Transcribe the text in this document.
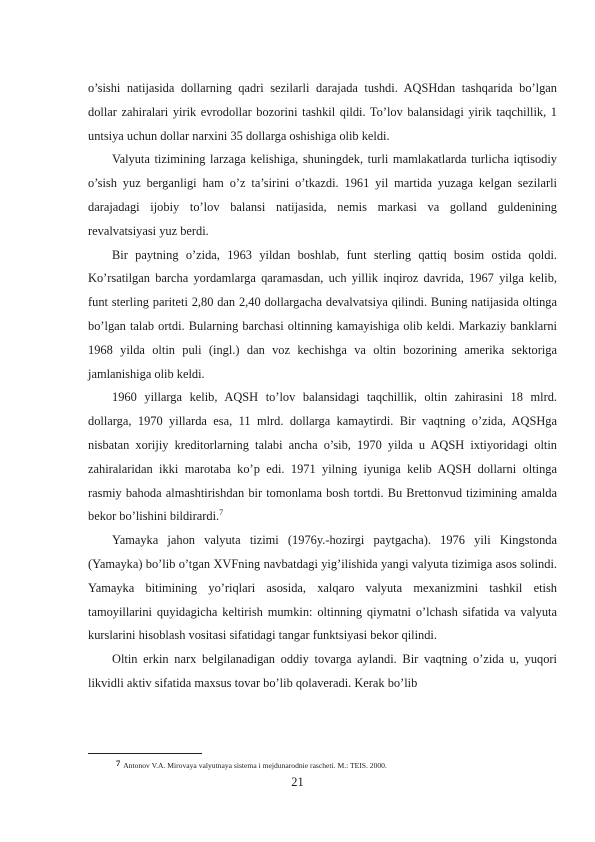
o’sishi natijasida dollarning qadri sezilarli darajada tushdi. AQSHdan tashqarida bo’lgan dollar zahiralari yirik evrodollar bozorini tashkil qildi. To’lov balansidagi yirik taqchillik, 1 untsiya uchun dollar narxini 35 dollarga oshishiga olib keldi.

Valyuta tizimining larzaga kelishiga, shuningdek, turli mamlakatlarda turlicha iqtisodiy o’sish yuz berganligi ham o’z ta’sirini o’tkazdi. 1961 yil martida yuzaga kelgan sezilarli darajadagi ijobiy to’lov balansi natijasida, nemis markasi va golland guldenining revalvatsiyasi yuz berdi.

Bir paytning o’zida, 1963 yildan boshlab, funt sterling qattiq bosim ostida qoldi. Ko’rsatilgan barcha yordamlarga qaramasdan, uch yillik inqiroz davrida, 1967 yilga kelib, funt sterling pariteti 2,80 dan 2,40 dollargacha devalvatsiya qilindi. Buning natijasida oltinga bo’lgan talab ortdi. Bularning barchasi oltinning kamayishiga olib keldi. Markaziy banklarni 1968 yilda oltin puli (ingl.) dan voz kechishga va oltin bozorining amerika sektoriga jamlanishiga olib keldi.

1960 yillarga kelib, AQSH to’lov balansidagi taqchillik, oltin zahirasini 18 mlrd. dollarga, 1970 yillarda esa, 11 mlrd. dollarga kamaytirdi. Bir vaqtning o’zida, AQSHga nisbatan xorijiy kreditorlarning talabi ancha o’sib, 1970 yilda u AQSH ixtiyoridagi oltin zahiralaridan ikki marotaba ko’p edi. 1971 yilning iyuniga kelib AQSH dollarni oltinga rasmiy bahoda almashtirishdan bir tomonlama bosh tortdi. Bu Brettonvud tizimining amalda bekor bo’lishini bildirardi.$^7$

Yamayka jahon valyuta tizimi (1976y.-hozirgi paytgacha). 1976 yili Kingstonda (Yamayka) bo’lib o’tgan XVFning navbatdagi yig’ilishida yangi valyuta tizimiga asos solindi. Yamayka bitimining yo’riqlari asosida, xalqaro valyuta mexanizmini tashkil etish tamoyillarini quyidagicha keltirish mumkin: oltinning qiymatni o’lchash sifatida va valyuta kurslarini hisoblash vositasi sifatidagi tangar funktsiyasi bekor qilindi.

Oltin erkin narx belgilanadigan oddiy tovarga aylandi. Bir vaqtning o’zida u, yuqori likvidli aktiv sifatida maxsus tovar bo’lib qolaveradi. Kerak bo’lib

7 Antonov V.A. Mirovaya valyutnaya sistema i mejdunarodnie rascheti. M.: TEIS. 2000.
21
